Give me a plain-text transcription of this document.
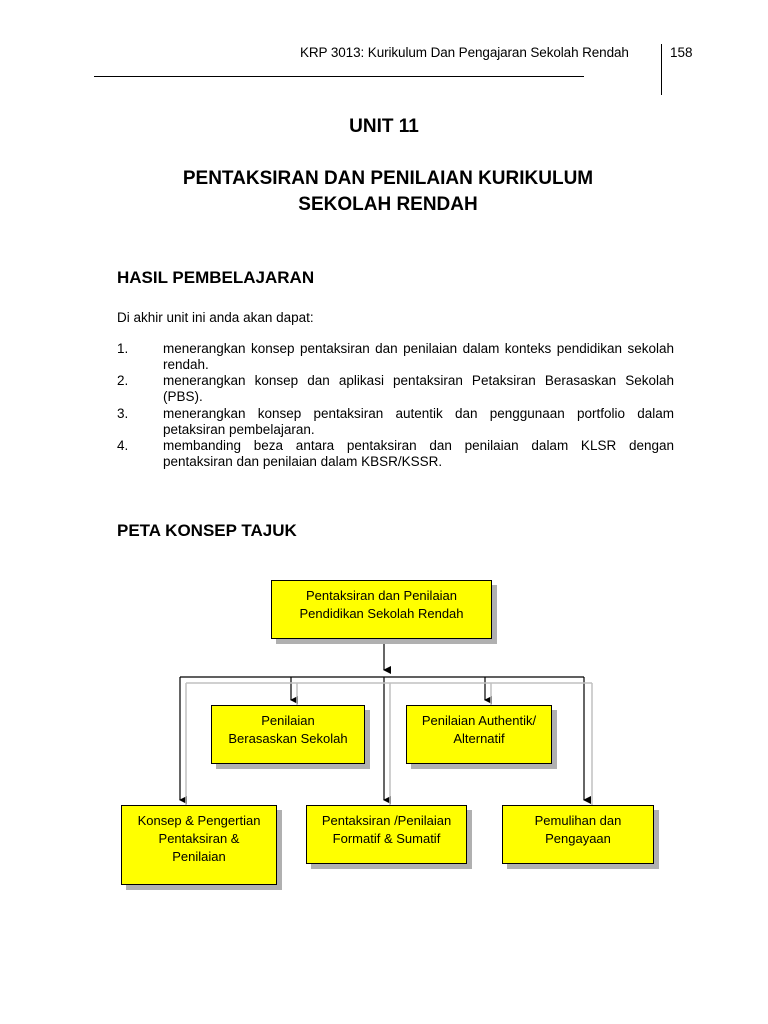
KRP 3013: Kurikulum Dan Pengajaran Sekolah Rendah	158
UNIT 11
PENTAKSIRAN DAN PENILAIAN KURIKULUM
SEKOLAH RENDAH
HASIL PEMBELAJARAN
Di akhir unit ini anda akan dapat:
1.	menerangkan konsep pentaksiran dan penilaian dalam konteks pendidikan sekolah rendah.
2.	menerangkan konsep dan aplikasi pentaksiran Petaksiran Berasaskan Sekolah (PBS).
3.	menerangkan konsep pentaksiran autentik dan penggunaan portfolio dalam petaksiran pembelajaran.
4.	membanding beza antara pentaksiran dan penilaian dalam KLSR dengan pentaksiran dan penilaian dalam KBSR/KSSR.
PETA KONSEP TAJUK
Pentaksiran dan Penilaian
Pendidikan Sekolah Rendah
Penilaian
Berasaskan Sekolah
Penilaian Authentik/
Alternatif
Konsep & Pengertian
Pentaksiran &
Penilaian
Pentaksiran /Penilaian
Formatif & Sumatif
Pemulihan dan
Pengayaan
